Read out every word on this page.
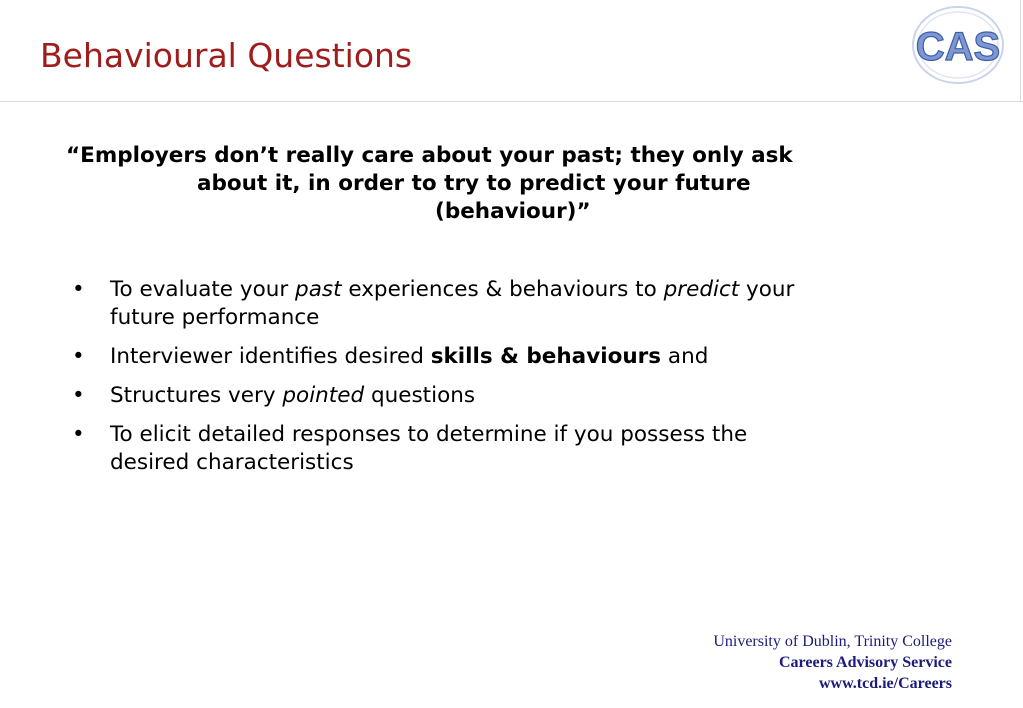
Behavioural Questions	CAS
“Employers don’t really care about your past; they only ask
about it, in order to try to predict your future
(behaviour)”
• To evaluate your past experiences & behaviours to predict your
future performance
• Interviewer identifies desired skills & behaviours and
• Structures very pointed questions
• To elicit detailed responses to determine if you possess the
desired characteristics
University of Dublin, Trinity College
Careers Advisory Service
www.tcd.ie/Careers
